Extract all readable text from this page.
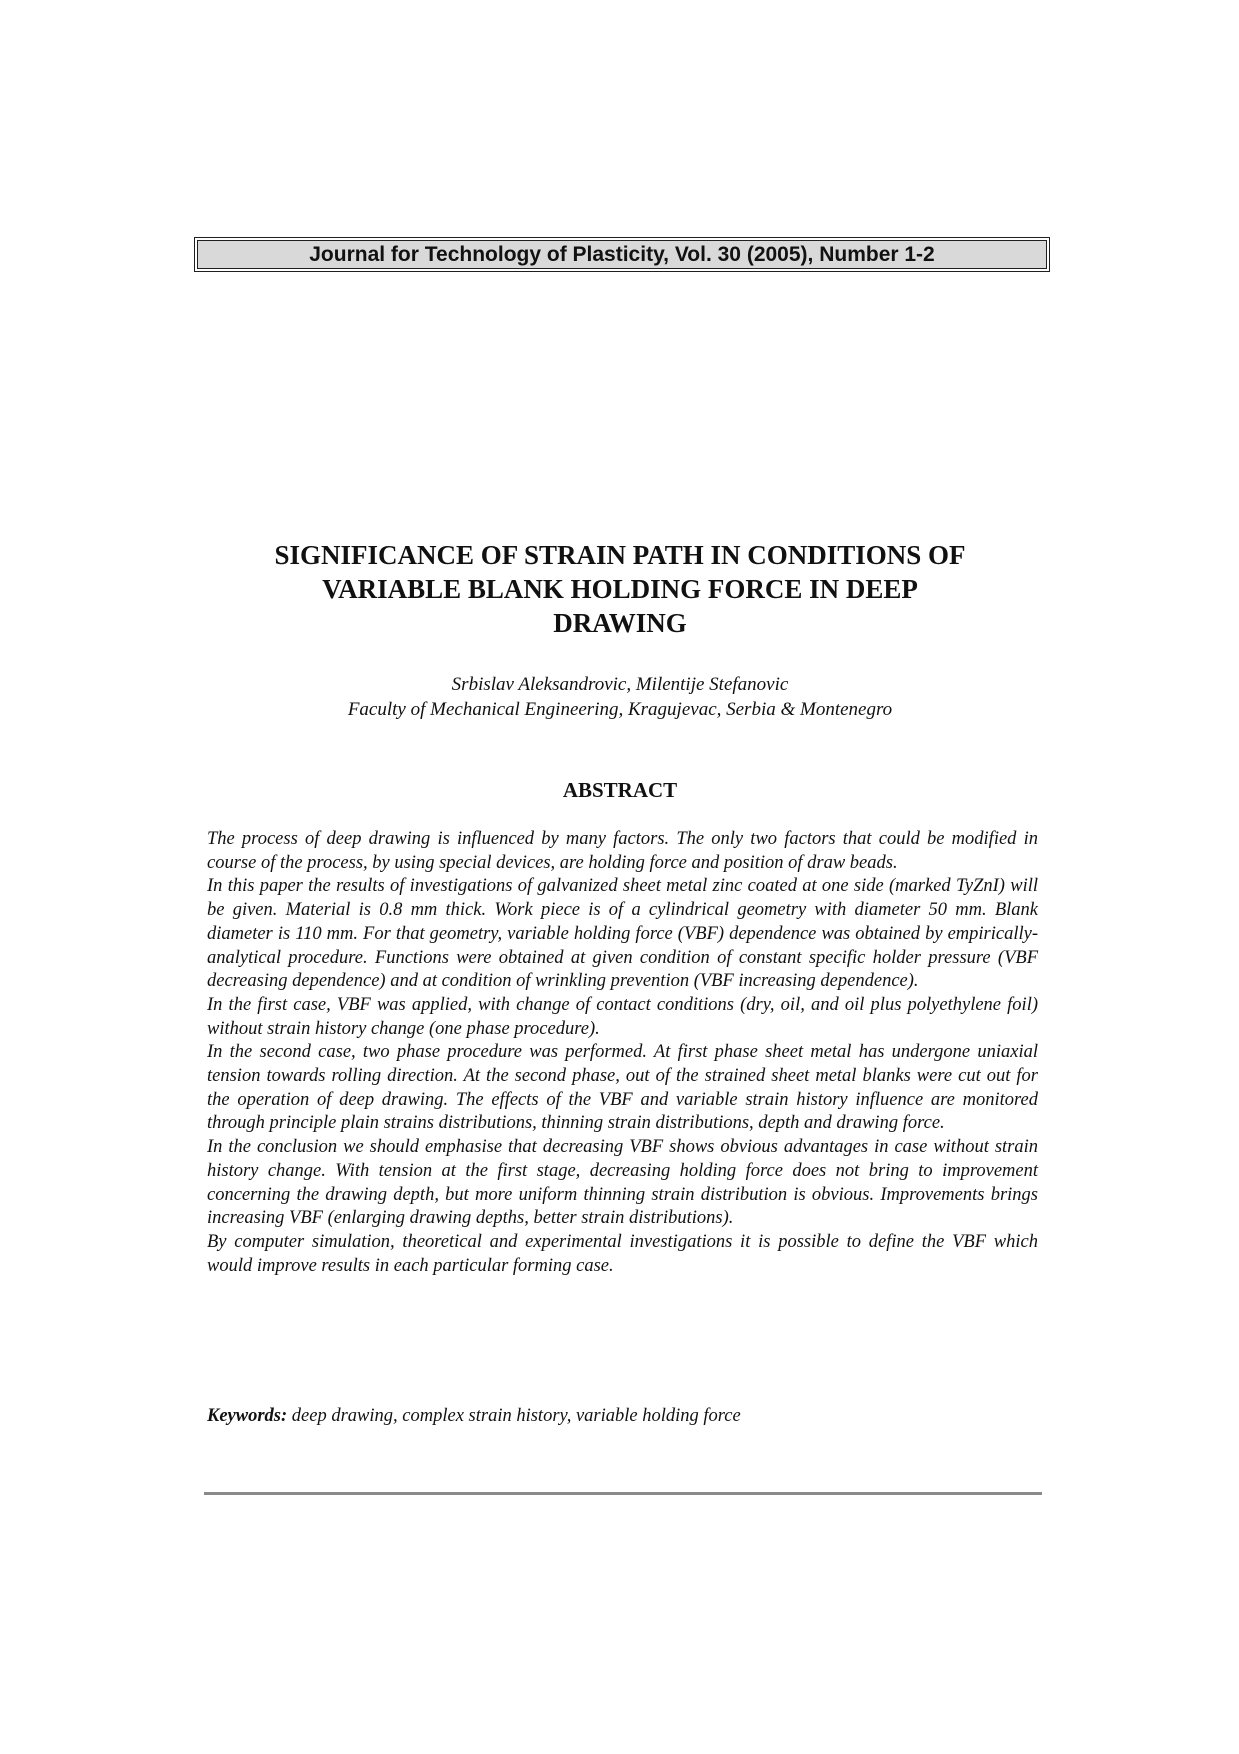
Journal for Technology of Plasticity, Vol. 30 (2005), Number 1-2
SIGNIFICANCE OF STRAIN PATH IN CONDITIONS OF
VARIABLE BLANK HOLDING FORCE IN DEEP
DRAWING
Srbislav Aleksandrovic, Milentije Stefanovic
Faculty of Mechanical Engineering, Kragujevac, Serbia & Montenegro
ABSTRACT

The process of deep drawing is influenced by many factors. The only two factors that could be modified in course of the process, by using special devices, are holding force and position of draw beads.

In this paper the results of investigations of galvanized sheet metal zinc coated at one side (marked TyZnI) will be given. Material is 0.8 mm thick. Work piece is of a cylindrical geometry with diameter 50 mm. Blank diameter is 110 mm. For that geometry, variable holding force (VBF) dependence was obtained by empirically-analytical procedure. Functions were obtained at given condition of constant specific holder pressure (VBF decreasing dependence) and at condition of wrinkling prevention (VBF increasing dependence).

In the first case, VBF was applied, with change of contact conditions (dry, oil, and oil plus polyethylene foil) without strain history change (one phase procedure).

In the second case, two phase procedure was performed. At first phase sheet metal has undergone uniaxial tension towards rolling direction. At the second phase, out of the strained sheet metal blanks were cut out for the operation of deep drawing. The effects of the VBF and variable strain history influence are monitored through principle plain strains distributions, thinning strain distributions, depth and drawing force.

In the conclusion we should emphasise that decreasing VBF shows obvious advantages in case without strain history change. With tension at the first stage, decreasing holding force does not bring to improvement concerning the drawing depth, but more uniform thinning strain distribution is obvious. Improvements brings increasing VBF (enlarging drawing depths, better strain distributions).

By computer simulation, theoretical and experimental investigations it is possible to define the VBF which would improve results in each particular forming case.

Keywords: deep drawing, complex strain history, variable holding force
